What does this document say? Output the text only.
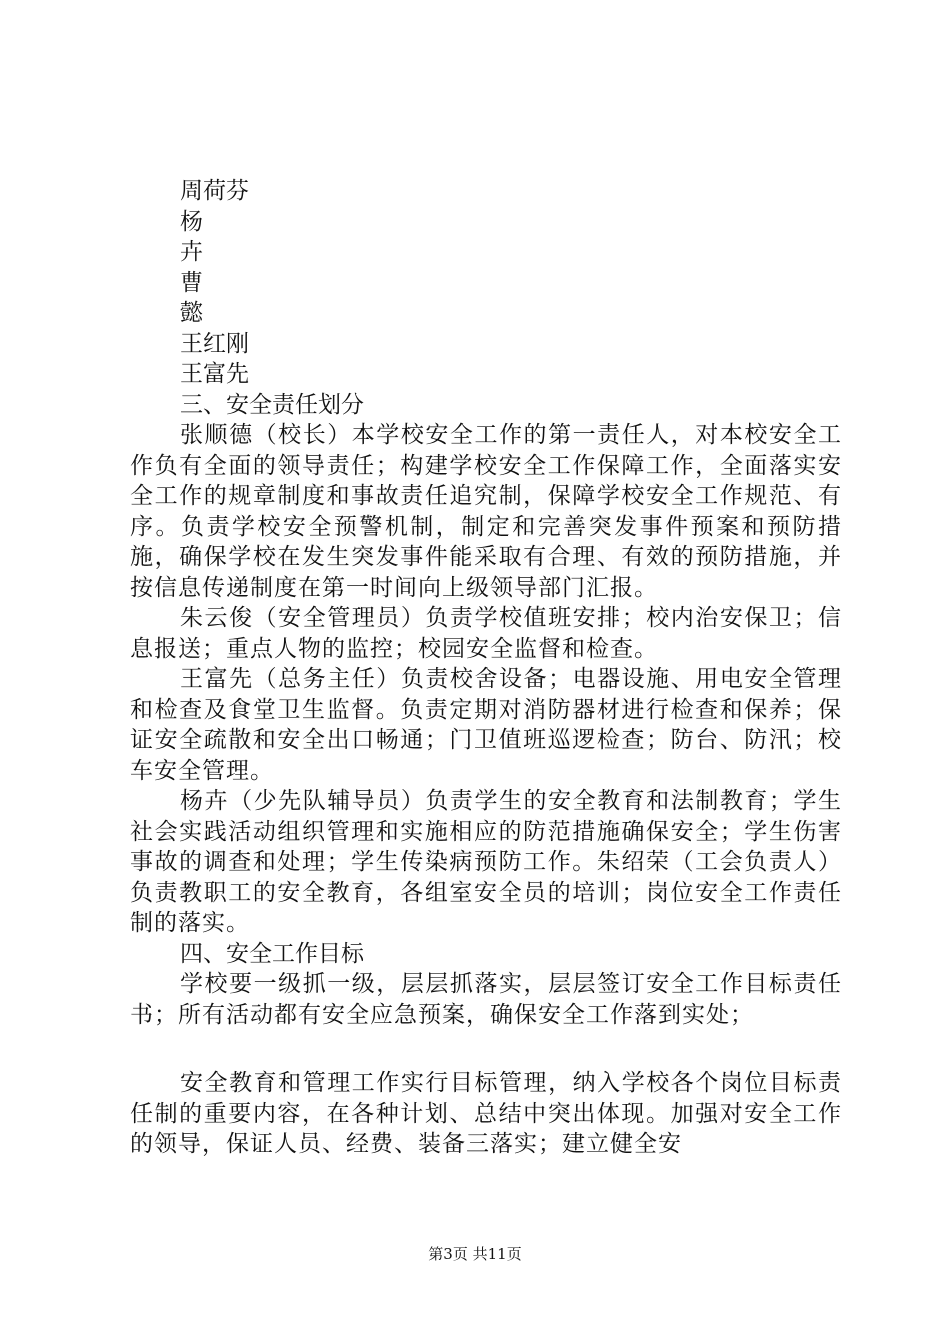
周荷芬

杨

卉

曹

懿

王红刚

王富先

三、安全责任划分

张顺德（校长）本学校安全工作的第一责任人，对本校安全工作负有全面的领导责任；构建学校安全工作保障工作，全面落实安全工作的规章制度和事故责任追究制，保障学校安全工作规范、有序。负责学校安全预警机制，制定和完善突发事件预案和预防措施，确保学校在发生突发事件能采取有合理、有效的预防措施，并按信息传递制度在第一时间向上级领导部门汇报。

朱云俊（安全管理员）负责学校值班安排；校内治安保卫；信息报送；重点人物的监控；校园安全监督和检查。

王富先（总务主任）负责校舍设备；电器设施、用电安全管理和检查及食堂卫生监督。负责定期对消防器材进行检查和保养；保证安全疏散和安全出口畅通；门卫值班巡逻检查；防台、防汛；校车安全管理。

杨卉（少先队辅导员）负责学生的安全教育和法制教育；学生社会实践活动组织管理和实施相应的防范措施确保安全；学生伤害事故的调查和处理；学生传染病预防工作。朱绍荣（工会负责人）负责教职工的安全教育，各组室安全员的培训；岗位安全工作责任制的落实。

四、安全工作目标

学校要一级抓一级，层层抓落实，层层签订安全工作目标责任书；所有活动都有安全应急预案，确保安全工作落到实处；

安全教育和管理工作实行目标管理，纳入学校各个岗位目标责任制的重要内容，在各种计划、总结中突出体现。加强对安全工作的领导，保证人员、经费、装备三落实；建立健全安

第3页 共11页
